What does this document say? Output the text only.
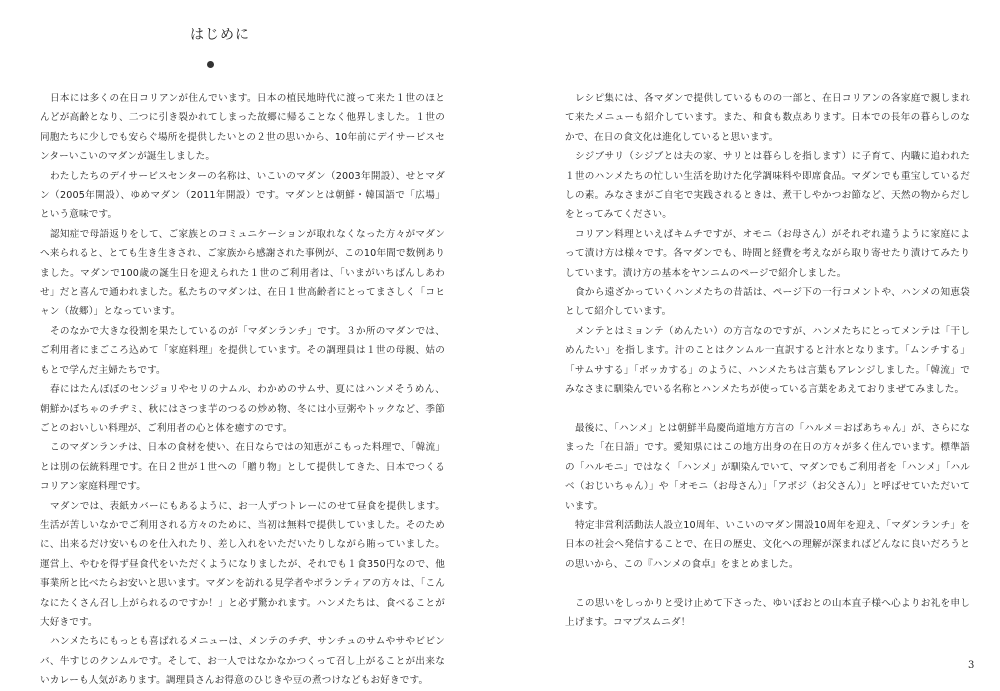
はじめに

日本には多くの在日コリアンが住んでいます。日本の植民地時代に渡って来た１世のほとんどが高齢となり、二つに引き裂かれてしまった故郷に帰ることなく他界しました。１世の同胞たちに少しでも安らぐ場所を提供したいとの２世の思いから、10年前にデイサービスセンターいこいのマダンが誕生しました。

わたしたちのデイサービスセンターの名称は、いこいのマダン（2003年開設）、せとマダン（2005年開設）、ゆめマダン（2011年開設）です。マダンとは朝鮮・韓国語で「広場」という意味です。

認知症で母語返りをして、ご家族とのコミュニケーションが取れなくなった方々がマダンへ来られると、とても生き生きされ、ご家族から感謝された事例が、この10年間で数例ありました。マダンで100歳の誕生日を迎えられた１世のご利用者は、「いまがいちばんしあわせ」だと喜んで通われました。私たちのマダンは、在日１世高齢者にとってまさしく「コヒャン（故郷）」となっています。

そのなかで大きな役割を果たしているのが「マダンランチ」です。３か所のマダンでは、ご利用者にまごころ込めて「家庭料理」を提供しています。その調理員は１世の母親、姑のもとで学んだ主婦たちです。

春にはたんぽぽのセンジョリやセリのナムル、わかめのサムサ、夏にはハンメそうめん、朝鮮かぼちゃのチヂミ、秋にはさつま芋のつるの炒め物、冬には小豆粥やトックなど、季節ごとのおいしい料理が、ご利用者の心と体を癒すのです。

このマダンランチは、日本の食材を使い、在日ならではの知恵がこもった料理で、「韓流」とは別の伝統料理です。在日２世が１世への「贈り物」として提供してきた、日本でつくるコリアン家庭料理です。

マダンでは、表紙カバーにもあるように、お一人ずつトレーにのせて昼食を提供します。生活が苦しいなかでご利用される方々のために、当初は無料で提供していました。そのために、出来るだけ安いものを仕入れたり、差し入れをいただいたりしながら賄っていました。運営上、やむを得ず昼食代をいただくようになりましたが、それでも１食350円なので、他事業所と比べたらお安いと思います。マダンを訪れる見学者やボランティアの方々は、「こんなにたくさん召し上がられるのですか！」と必ず驚かれます。ハンメたちは、食べることが大好きです。

ハンメたちにもっとも喜ばれるメニューは、メンテのチヂ、サンチュのサムやサやビビンバ、牛すじのクンムルです。そして、お一人ではなかなかつくって召し上がることが出来ないカレーも人気があります。調理員さんお得意のひじきや豆の煮つけなどもお好きです。

レシピ集には、各マダンで提供しているものの一部と、在日コリアンの各家庭で親しまれて来たメニューも紹介しています。また、和食も数点あります。日本での長年の暮らしのなかで、在日の食文化は進化していると思います。

シジブサリ（シジブとは夫の家、サリとは暮らしを指します）に子育て、内職に追われた１世のハンメたちの忙しい生活を助けた化学調味料や即席食品。マダンでも重宝しているだしの素。みなさまがご自宅で実践されるときは、煮干しやかつお節など、天然の物からだしをとってみてください。

コリアン料理といえばキムチですが、オモニ（お母さん）がそれぞれ違うように家庭によって漬け方は様々です。各マダンでも、時間と経費を考えながら取り寄せたり漬けてみたりしています。漬け方の基本をヤンニムのページで紹介しました。

食から遠ざかっていくハンメたちの昔話は、ページ下の一行コメントや、ハンメの知恵袋として紹介しています。

メンテとはミョンテ（めんたい）の方言なのですが、ハンメたちにとってメンテは「干しめんたい」を指します。汁のことはクンムル一直訳すると汁水となります。「ムンチする」「サムサする」「ボッカする」のように、ハンメたちは言葉もアレンジしました。「韓流」でみなさまに馴染んでいる名称とハンメたちが使っている言葉をあえておりまぜてみました。

最後に、「ハンメ」とは朝鮮半島慶尚道地方方言の「ハルメ＝おばあちゃん」が、さらになまった「在日語」です。愛知県にはこの地方出身の在日の方々が多く住んでいます。標準語の「ハルモニ」ではなく「ハンメ」が馴染んでいて、マダンでもご利用者を「ハンメ」「ハルベ（おじいちゃん）」や「オモニ（お母さん）」「アボジ（お父さん）」と呼ばせていただいています。

特定非営利活動法人設立10周年、いこいのマダン開設10周年を迎え、「マダンランチ」を日本の社会へ発信することで、在日の歴史、文化への理解が深まればどんなに良いだろうとの思いから、この『ハンメの食卓』をまとめました。

この思いをしっかりと受け止めて下さった、ゆいぽおとの山本直子様へ心よりお礼を申し上げます。コマプスムニダ！

3
